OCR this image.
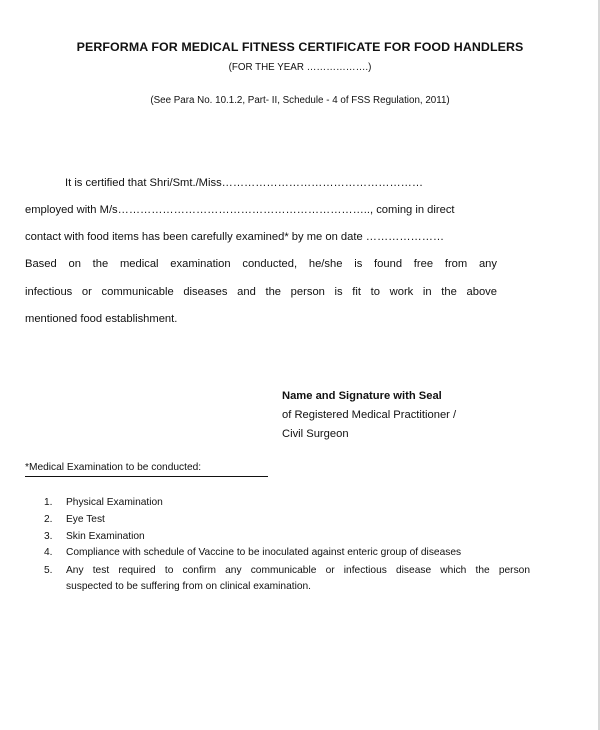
PERFORMA FOR MEDICAL FITNESS CERTIFICATE FOR FOOD HANDLERS
(FOR THE YEAR ……………….)
(See Para No. 10.1.2, Part- II, Schedule - 4 of FSS Regulation, 2011)
It is certified that Shri/Smt./Miss………………………………………………
employed with M/s………………………………………………………….., coming in direct
contact with food items has been carefully examined* by me on date …………………
Based on the medical examination conducted, he/she is found free from any
infectious or communicable diseases and the person is fit to work in the above
mentioned food establishment.
Name and Signature with Seal
of Registered Medical Practitioner /
Civil Surgeon
*Medical Examination to be conducted:
1.	Physical Examination
2.	Eye Test
3.	Skin Examination
4.	Compliance with schedule of Vaccine to be inoculated against enteric group of diseases
5.	Any test required to confirm any communicable or infectious disease which the person
suspected to be suffering from on clinical examination.
